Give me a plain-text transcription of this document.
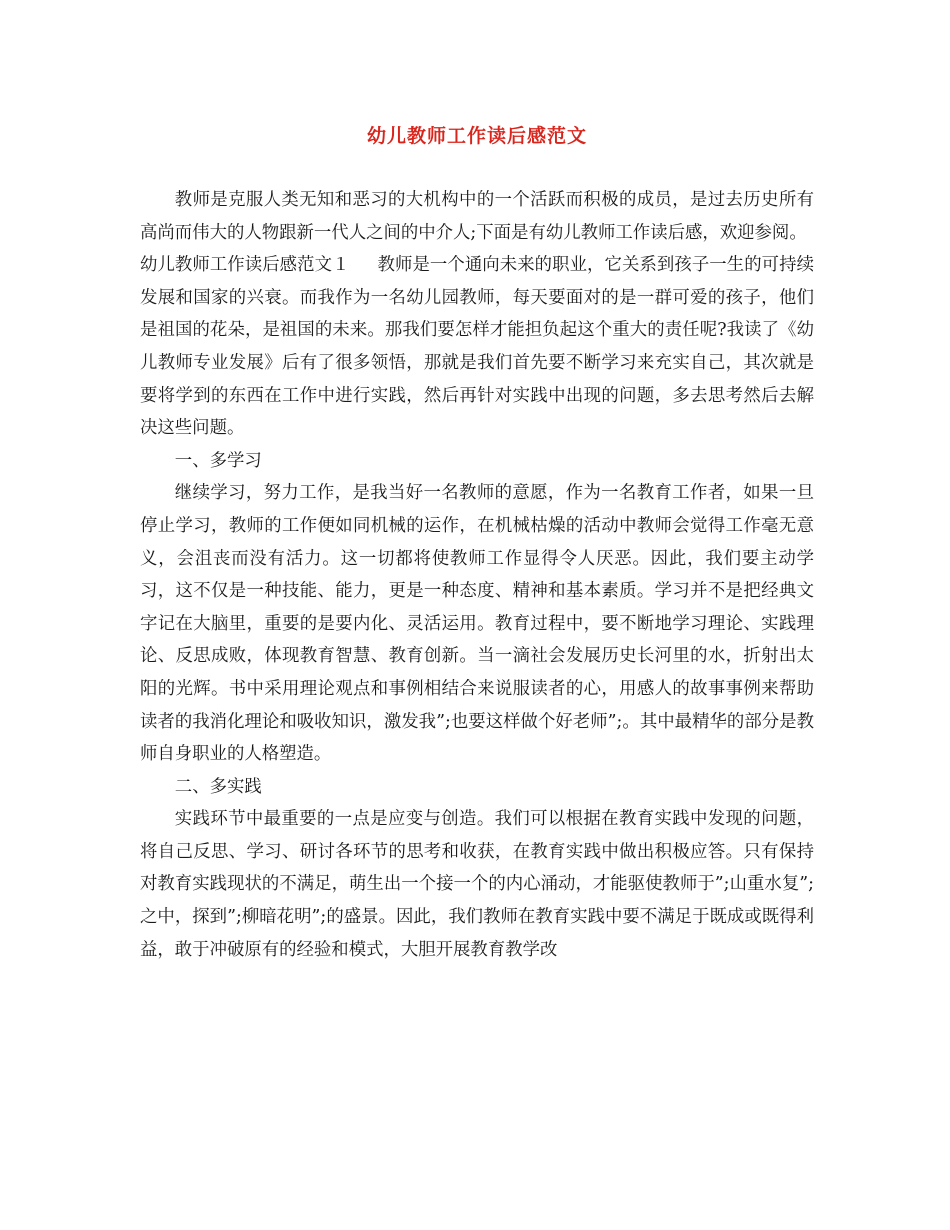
幼儿教师工作读后感范文

教师是克服人类无知和恶习的大机构中的一个活跃而积极的成员，是过去历史所有高尚而伟大的人物跟新一代人之间的中介人;下面是有幼儿教师工作读后感，欢迎参阅。

幼儿教师工作读后感范文１ 教师是一个通向未来的职业，它关系到孩子一生的可持续发展和国家的兴衰。而我作为一名幼儿园教师，每天要面对的是一群可爱的孩子，他们是祖国的花朵，是祖国的未来。那我们要怎样才能担负起这个重大的责任呢?我读了《幼儿教师专业发展》后有了很多领悟，那就是我们首先要不断学习来充实自己，其次就是要将学到的东西在工作中进行实践，然后再针对实践中出现的问题，多去思考然后去解决这些问题。

一、多学习

继续学习，努力工作，是我当好一名教师的意愿，作为一名教育工作者，如果一旦停止学习，教师的工作便如同机械的运作，在机械枯燥的活动中教师会觉得工作毫无意义，会沮丧而没有活力。这一切都将使教师工作显得令人厌恶。因此，我们要主动学习，这不仅是一种技能、能力，更是一种态度、精神和基本素质。学习并不是把经典文字记在大脑里，重要的是要内化、灵活运用。教育过程中，要不断地学习理论、实践理论、反思成败，体现教育智慧、教育创新。当一滴社会发展历史长河里的水，折射出太阳的光辉。书中采用理论观点和事例相结合来说服读者的心，用感人的故事事例来帮助读者的我消化理论和吸收知识，激发我”;也要这样做个好老师”;。其中最精华的部分是教师自身职业的人格塑造。

二、多实践

实践环节中最重要的一点是应变与创造。我们可以根据在教育实践中发现的问题，将自己反思、学习、研讨各环节的思考和收获，在教育实践中做出积极应答。只有保持对教育实践现状的不满足，萌生出一个接一个的内心涌动，才能驱使教师于”;山重水复”;之中，探到”;柳暗花明”;的盛景。因此，我们教师在教育实践中要不满足于既成或既得利益，敢于冲破原有的经验和模式，大胆开展教育教学改
